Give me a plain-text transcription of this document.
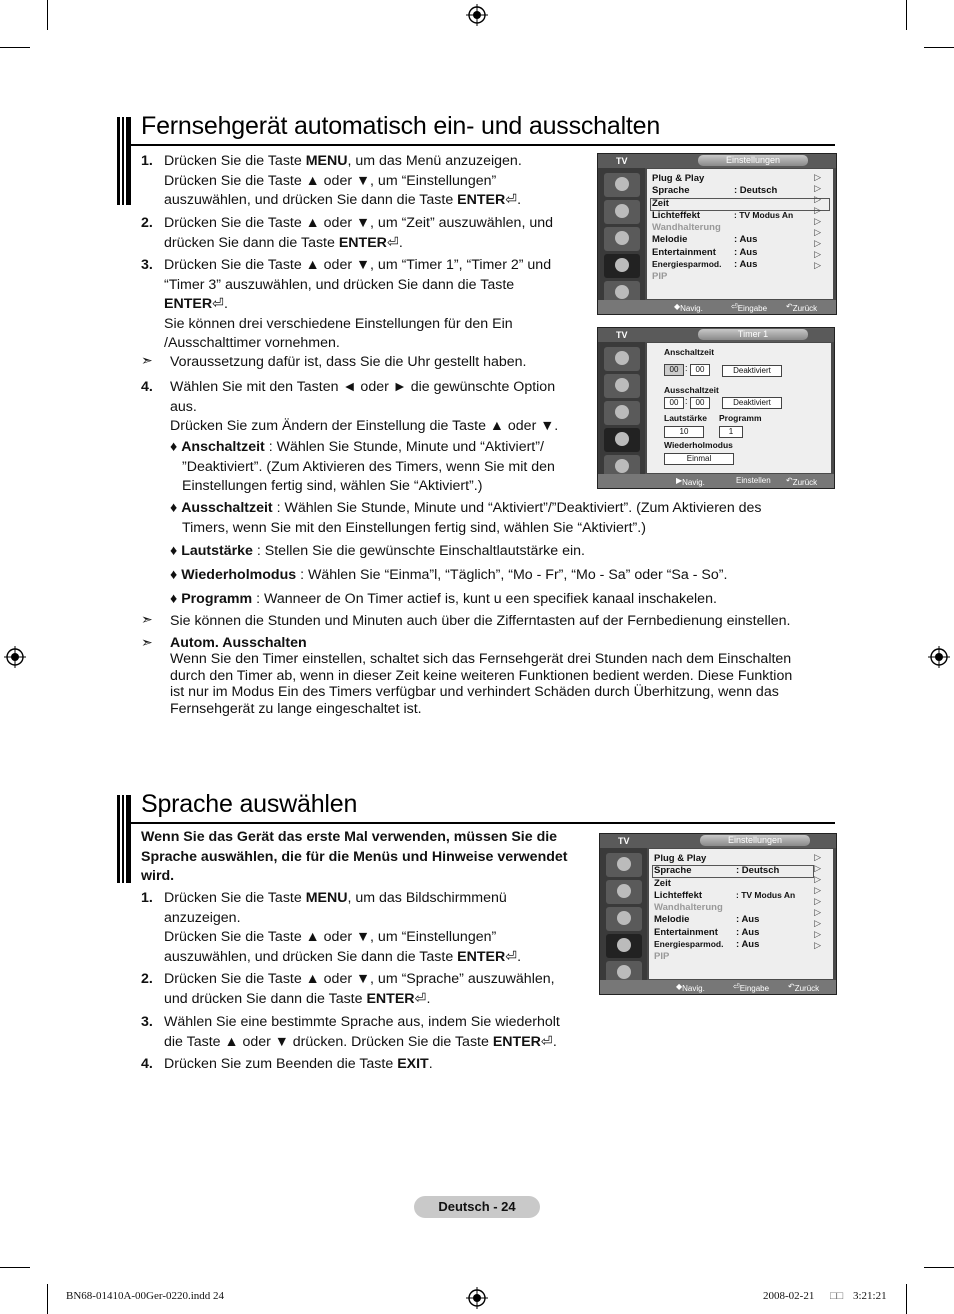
Fernsehgerät automatisch ein- und ausschalten
1. Drücken Sie die Taste MENU, um das Menü anzuzeigen.
Drücken Sie die Taste ▲ oder ▼, um “Einstellungen”
auszuwählen, und drücken Sie dann die Taste ENTER⏎.
2. Drücken Sie die Taste ▲ oder ▼, um “Zeit” auszuwählen, und
drücken Sie dann die Taste ENTER⏎.
3. Drücken Sie die Taste ▲ oder ▼, um “Timer 1”, “Timer 2” und
“Timer 3” auszuwählen, und drücken Sie dann die Taste
ENTER⏎.
Sie können drei verschiedene Einstellungen für den Ein
/Ausschalttimer vornehmen.
➣ Voraussetzung dafür ist, dass Sie die Uhr gestellt haben.
4. Wählen Sie mit den Tasten ◄ oder ► die gewünschte Option
aus.
Drücken Sie zum Ändern der Einstellung die Taste ▲ oder ▼.
♦ Anschaltzeit : Wählen Sie Stunde, Minute und “Aktiviert”/
”Deaktiviert”. (Zum Aktivieren des Timers, wenn Sie mit den
Einstellungen fertig sind, wählen Sie “Aktiviert”.)
♦ Ausschaltzeit : Wählen Sie Stunde, Minute und “Aktiviert”/”Deaktiviert”. (Zum Aktivieren des
Timers, wenn Sie mit den Einstellungen fertig sind, wählen Sie “Aktiviert”.)
♦ Lautstärke : Stellen Sie die gewünschte Einschaltlautstärke ein.
♦ Wiederholmodus : Wählen Sie “Einma”l, “Täglich”, “Mo - Fr”, “Mo - Sa” oder “Sa - So”.
♦ Programm : Wanneer de On Timer actief is, kunt u een specifiek kanaal inschakelen.
➣ Sie können die Stunden und Minuten auch über die Zifferntasten auf der Fernbedienung einstellen.
➣ Autom. Ausschalten
Wenn Sie den Timer einstellen, schaltet sich das Fernsehgerät drei Stunden nach dem Einschalten
durch den Timer ab, wenn in dieser Zeit keine weiteren Funktionen bedient werden. Diese Funktion
ist nur im Modus Ein des Timers verfügbar und verhindert Schäden durch Überhitzung, wenn das
Fernsehgerät zu lange eingeschaltet ist.
TV	Einstellungen
Plug & Play
Sprache	: Deutsch
Zeit
Lichteffekt	: TV Modus An
Wandhalterung
Melodie	: Aus
Entertainment : Aus
Energiesparmod. : Aus
PIP
▷
▷
▷
▷
▷
▷
▷
▷
▷
◆ Navig.	⏎ Eingabe ↶ Zurück
TV	Timer 1
Anschaltzeit
00 :	00	Deaktiviert
Ausschaltzeit
00 :	00	Deaktiviert
Lautstärke Programm
10	1
Wiederholmodus
Einmal
▶ Navig.	Einstellen ↶ Zurück
Sprache auswählen
Wenn Sie das Gerät das erste Mal verwenden, müssen Sie die
Sprache auswählen, die für die Menüs und Hinweise verwendet
wird.
1. Drücken Sie die Taste MENU, um das Bildschirmmenü
anzuzeigen.
Drücken Sie die Taste ▲ oder ▼, um “Einstellungen”
auszuwählen, und drücken Sie dann die Taste ENTER⏎.
2. Drücken Sie die Taste ▲ oder ▼, um “Sprache” auszuwählen,
und drücken Sie dann die Taste ENTER⏎.
3. Wählen Sie eine bestimmte Sprache aus, indem Sie wiederholt
die Taste ▲ oder ▼ drücken. Drücken Sie die Taste ENTER⏎.
4. Drücken Sie zum Beenden die Taste EXIT.
TV	Einstellungen
Plug & Play
Sprache	: Deutsch
Zeit
Lichteffekt	: TV Modus An
Wandhalterung
Melodie	: Aus
Entertainment : Aus
Energiesparmod. : Aus
PIP
▷
▷
▷
▷
▷
▷
▷
▷
▷
◆ Navig.	⏎ Eingabe ↶ Zurück
Deutsch - 24
BN68-01410A-00Ger-0220.indd 24	2008-02-21 □□ 3:21:21
